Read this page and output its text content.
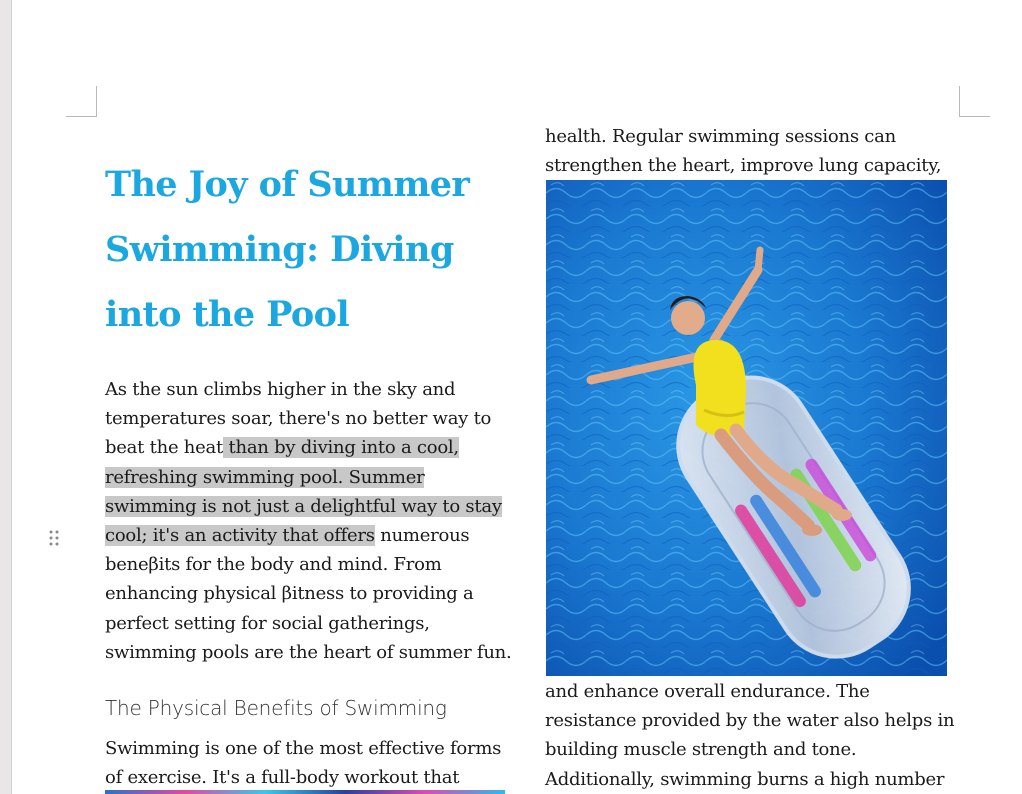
The Joy of Summer Swimming: Diving into the Pool

As the sun climbs higher in the sky and temperatures soar, there's no better way to beat the heat than by diving into a cool, refreshing swimming pool. Summer swimming is not just a delightful way to stay cool; it's an activity that offers numerous beneβits for the body and mind. From enhancing physical βitness to providing a perfect setting for social gatherings, swimming pools are the heart of summer fun.

The Physical Benefits of Swimming

Swimming is one of the most effective forms of exercise. It's a full-body workout that

health. Regular swimming sessions can strengthen the heart, improve lung capacity,

and enhance overall endurance. The resistance provided by the water also helps in building muscle strength and tone. Additionally, swimming burns a high number
